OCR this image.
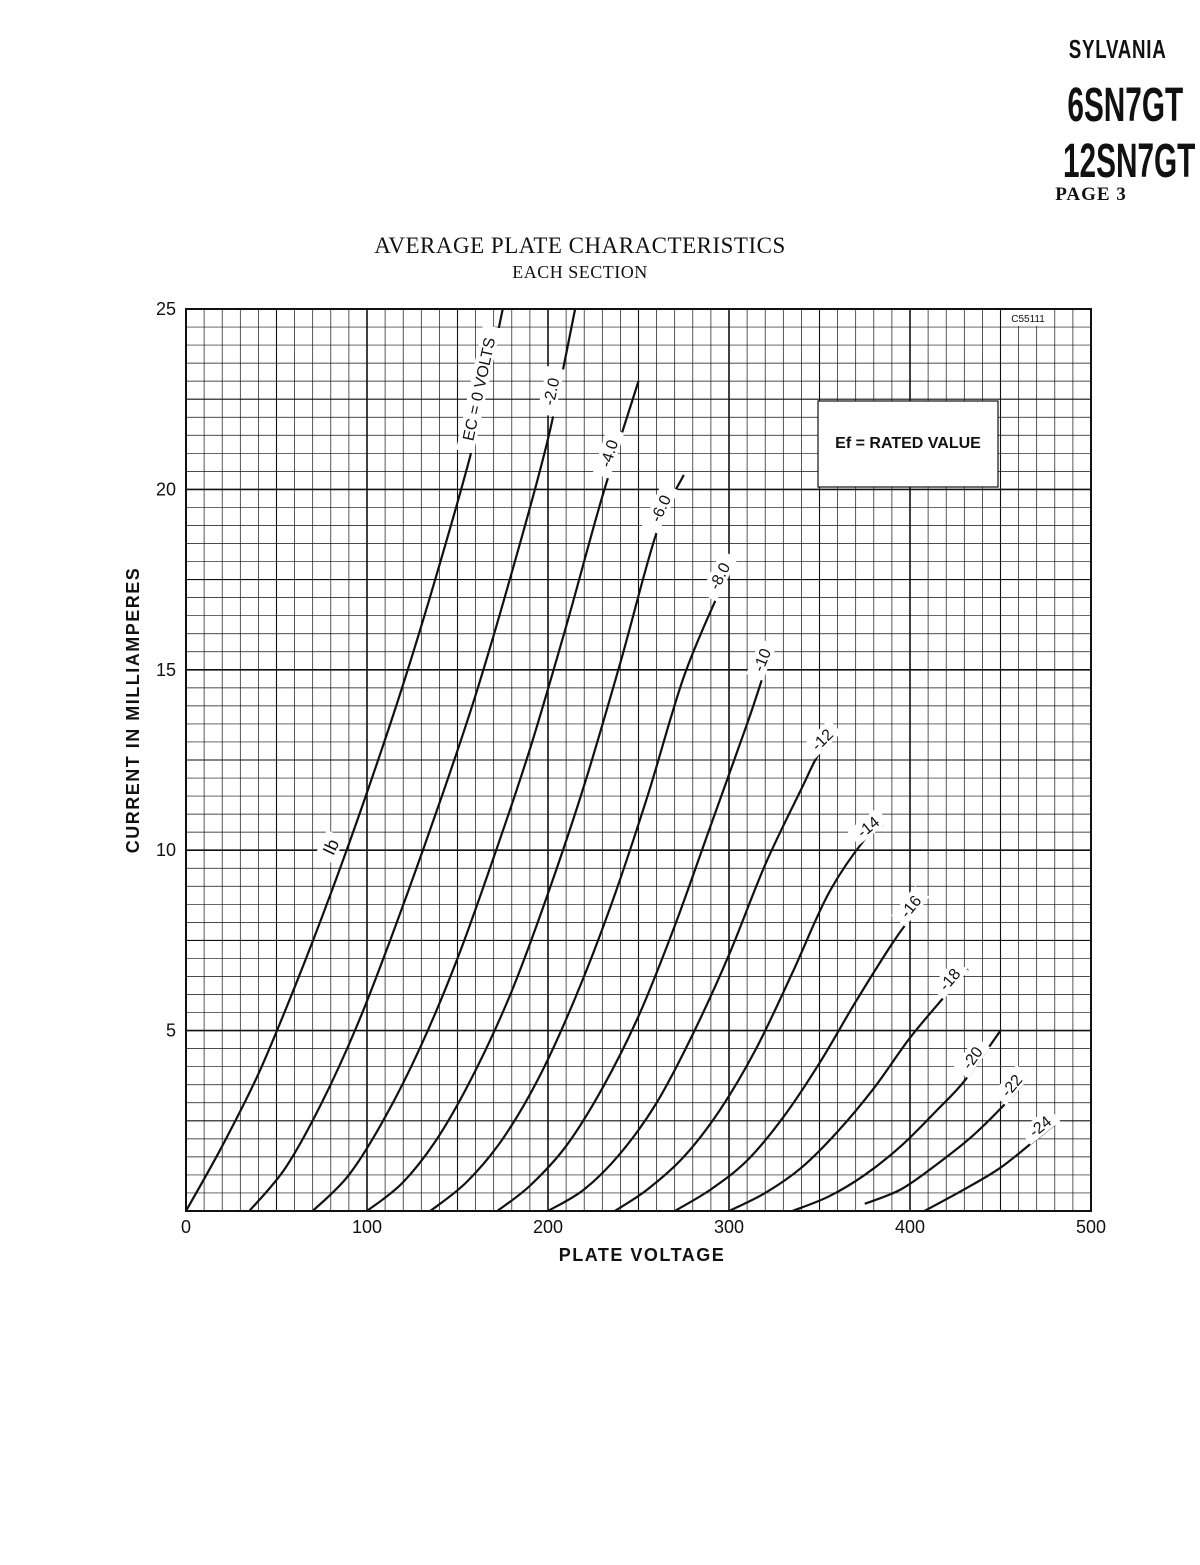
SYLVANIA
6SN7GT
12SN7GT
PAGE 3
AVERAGE PLATE CHARACTERISTICS
EACH SECTION
EC = 0 VOLTS	-2.0
-4.0
-6.0
-8.0
-10
-12
-14
-16
-18
-20
-22
-24
Ib
0	100	200	300	400	500
5
10
15
20
25
Ef = RATED VALUE
C55111
PLATE VOLTAGE
CURRENT IN MILLIAMPERES
